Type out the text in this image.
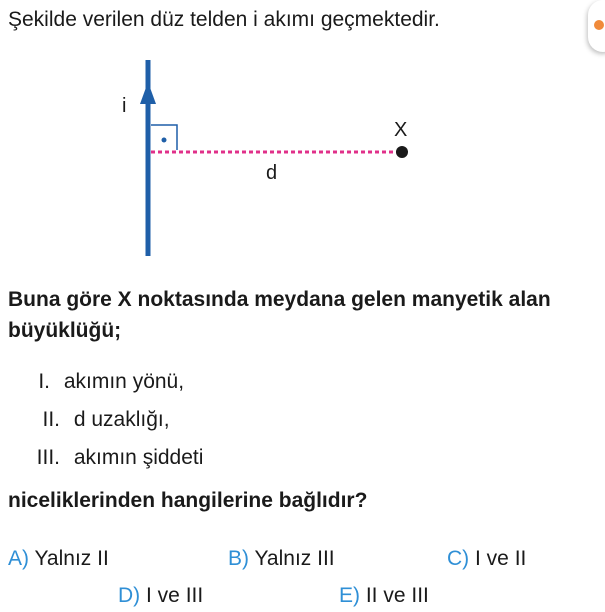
Şekilde verilen düz telden i akımı geçmektedir.
i
X
d
Buna göre X noktasında meydana gelen manyetik alan büyüklüğü;
I. akımın yönü,
II. d uzaklığı,
III. akımın şiddeti
niceliklerinden hangilerine bağlıdır?
A) Yalnız II	B) Yalnız III	C) I ve II
D) I ve III	E) II ve III
